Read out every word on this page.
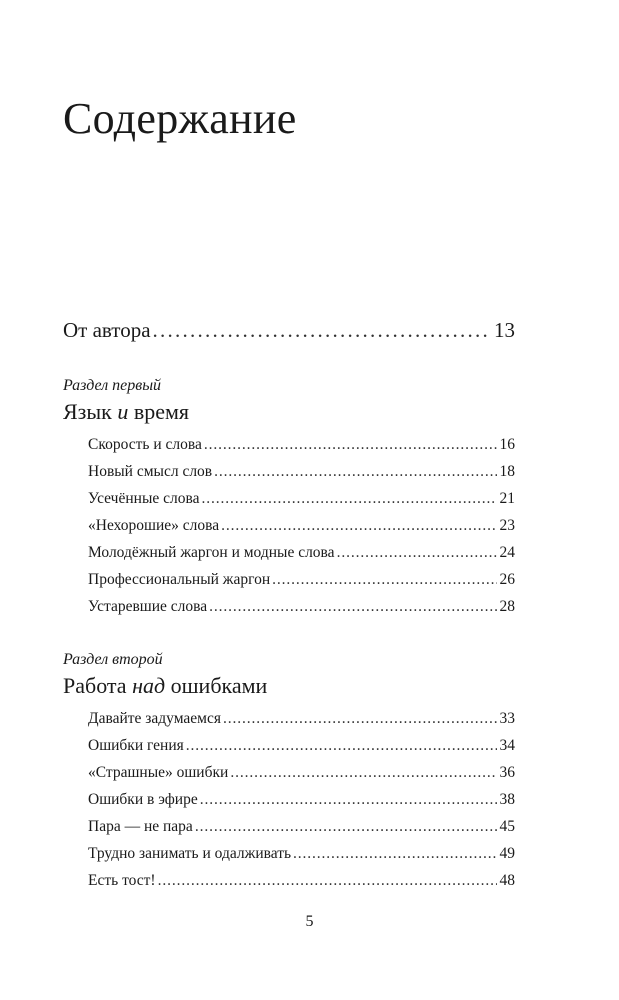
Содержание
От автора . . .	13
Раздел первый
Язык и время
Скорость и слова . . .	16
Новый смысл слов . . .	18
Усечённые слова . . .	21
«Нехорошие» слова . . .	23
Молодёжный жаргон и модные слова . . .	24
Профессиональный жаргон . . .	26
Устаревшие слова . . .	28
Раздел второй
Работа над ошибками
Давайте задумаемся . . .	33
Ошибки гения . . .	34
«Страшные» ошибки . . .	36
Ошибки в эфире . . .	38
Пара — не пара . . .	45
Трудно занимать и одалживать . . .	49
Есть тост! . . .	48
5
